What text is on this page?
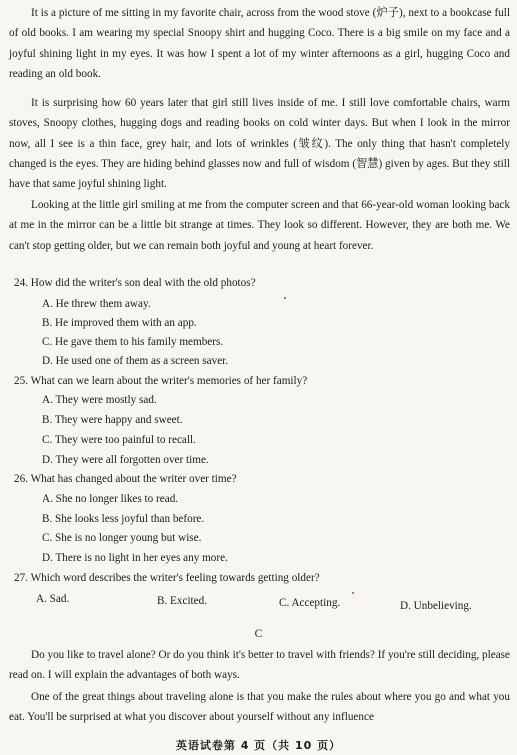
It is a picture of me sitting in my favorite chair, across from the wood stove (炉子), next to a bookcase full of old books. I am wearing my special Snoopy shirt and hugging Coco. There is a big smile on my face and a joyful shining light in my eyes. It was how I spent a lot of my winter afternoons as a girl, hugging Coco and reading an old book.

It is surprising how 60 years later that girl still lives inside of me. I still love comfortable chairs, warm stoves, Snoopy clothes, hugging dogs and reading books on cold winter days. But when I look in the mirror now, all I see is a thin face, grey hair, and lots of wrinkles (皱纹). The only thing that hasn't completely changed is the eyes. They are hiding behind glasses now and full of wisdom (智慧) given by ages. But they still have that same joyful shining light.

Looking at the little girl smiling at me from the computer screen and that 66-year-old woman looking back at me in the mirror can be a little bit strange at times. They look so different. However, they are both me. We can't stop getting older, but we can remain both joyful and young at heart forever.

24. How did the writer's son deal with the old photos?
A. He threw them away.
B. He improved them with an app.
C. He gave them to his family members.
D. He used one of them as a screen saver.
25. What can we learn about the writer's memories of her family?
A. They were mostly sad.
B. They were happy and sweet.
C. They were too painful to recall.
D. They were all forgotten over time.
26. What has changed about the writer over time?
A. She no longer likes to read.
B. She looks less joyful than before.
C. She is no longer young but wise.
D. There is no light in her eyes any more.
27. Which word describes the writer's feeling towards getting older?
A. Sad.	B. Excited.	C. Accepting.	D. Unbelieving.
C

Do you like to travel alone? Or do you think it's better to travel with friends? If you're still deciding, please read on. I will explain the advantages of both ways.

One of the great things about traveling alone is that you make the rules about where you go and what you eat. You'll be surprised at what you discover about yourself without any influence

英语试卷第 4 页（共 10 页）
